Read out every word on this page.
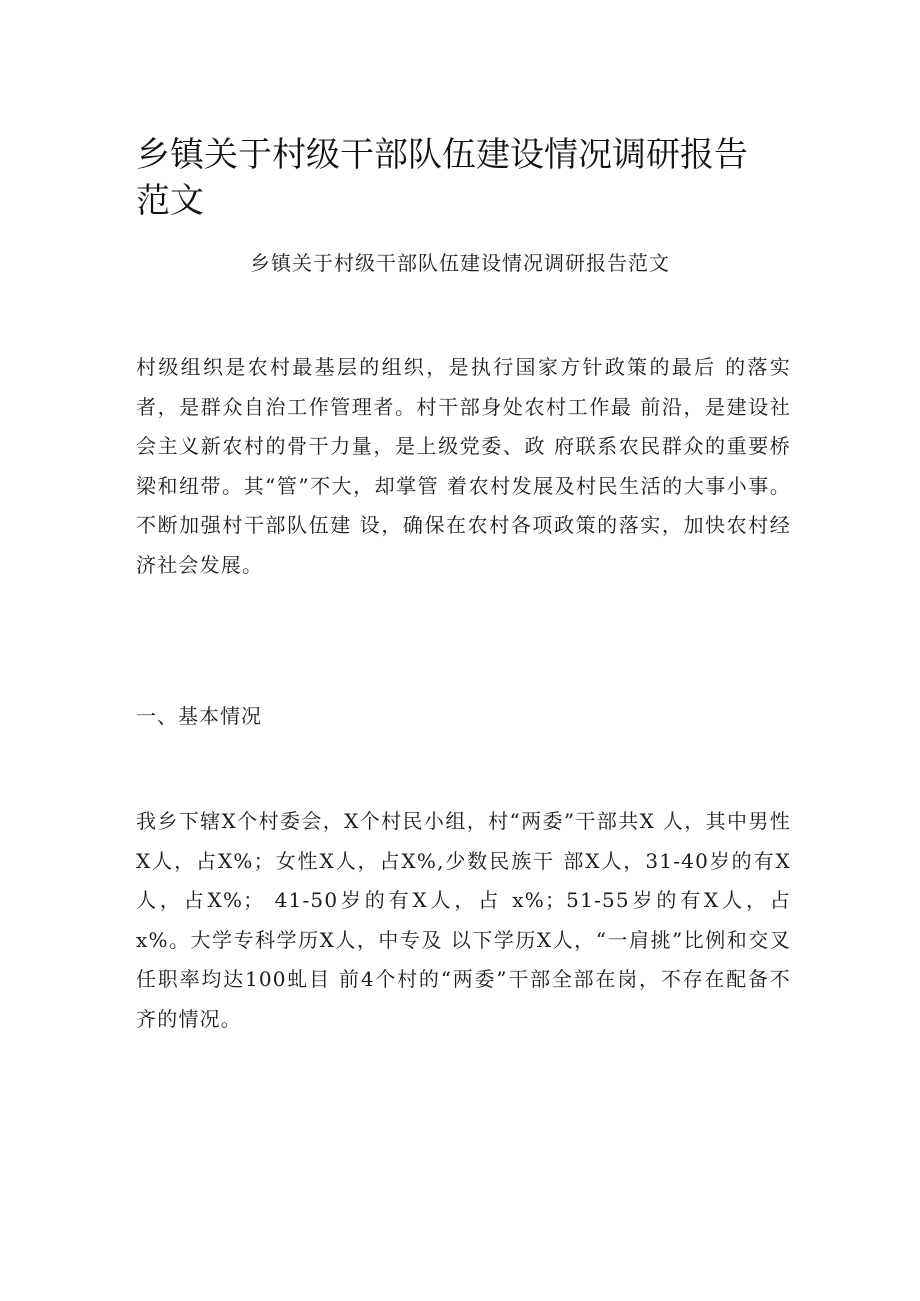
乡镇关于村级干部队伍建设情况调研报告范文
乡镇关于村级干部队伍建设情况调研报告范文

村级组织是农村最基层的组织，是执行国家方针政策的最后 的落实者，是群众自治工作管理者。村干部身处农村工作最 前沿，是建设社会主义新农村的骨干力量，是上级党委、政 府联系农民群众的重要桥梁和纽带。其“管”不大，却掌管 着农村发展及村民生活的大事小事。不断加强村干部队伍建 设，确保在农村各项政策的落实，加快农村经济社会发展。

一、基本情况

我乡下辖X个村委会，X个村民小组，村“两委”干部共X 人，其中男性X人，占X%；女性X人，占X%,少数民族干 部X人，31-40岁的有X人，占X%； 41-50岁的有X人，占 x%；51-55岁的有X人，占x%。大学专科学历X人，中专及 以下学历X人，“一肩挑”比例和交叉任职率均达100虬目 前4个村的“两委”干部全部在岗，不存在配备不齐的情况。
